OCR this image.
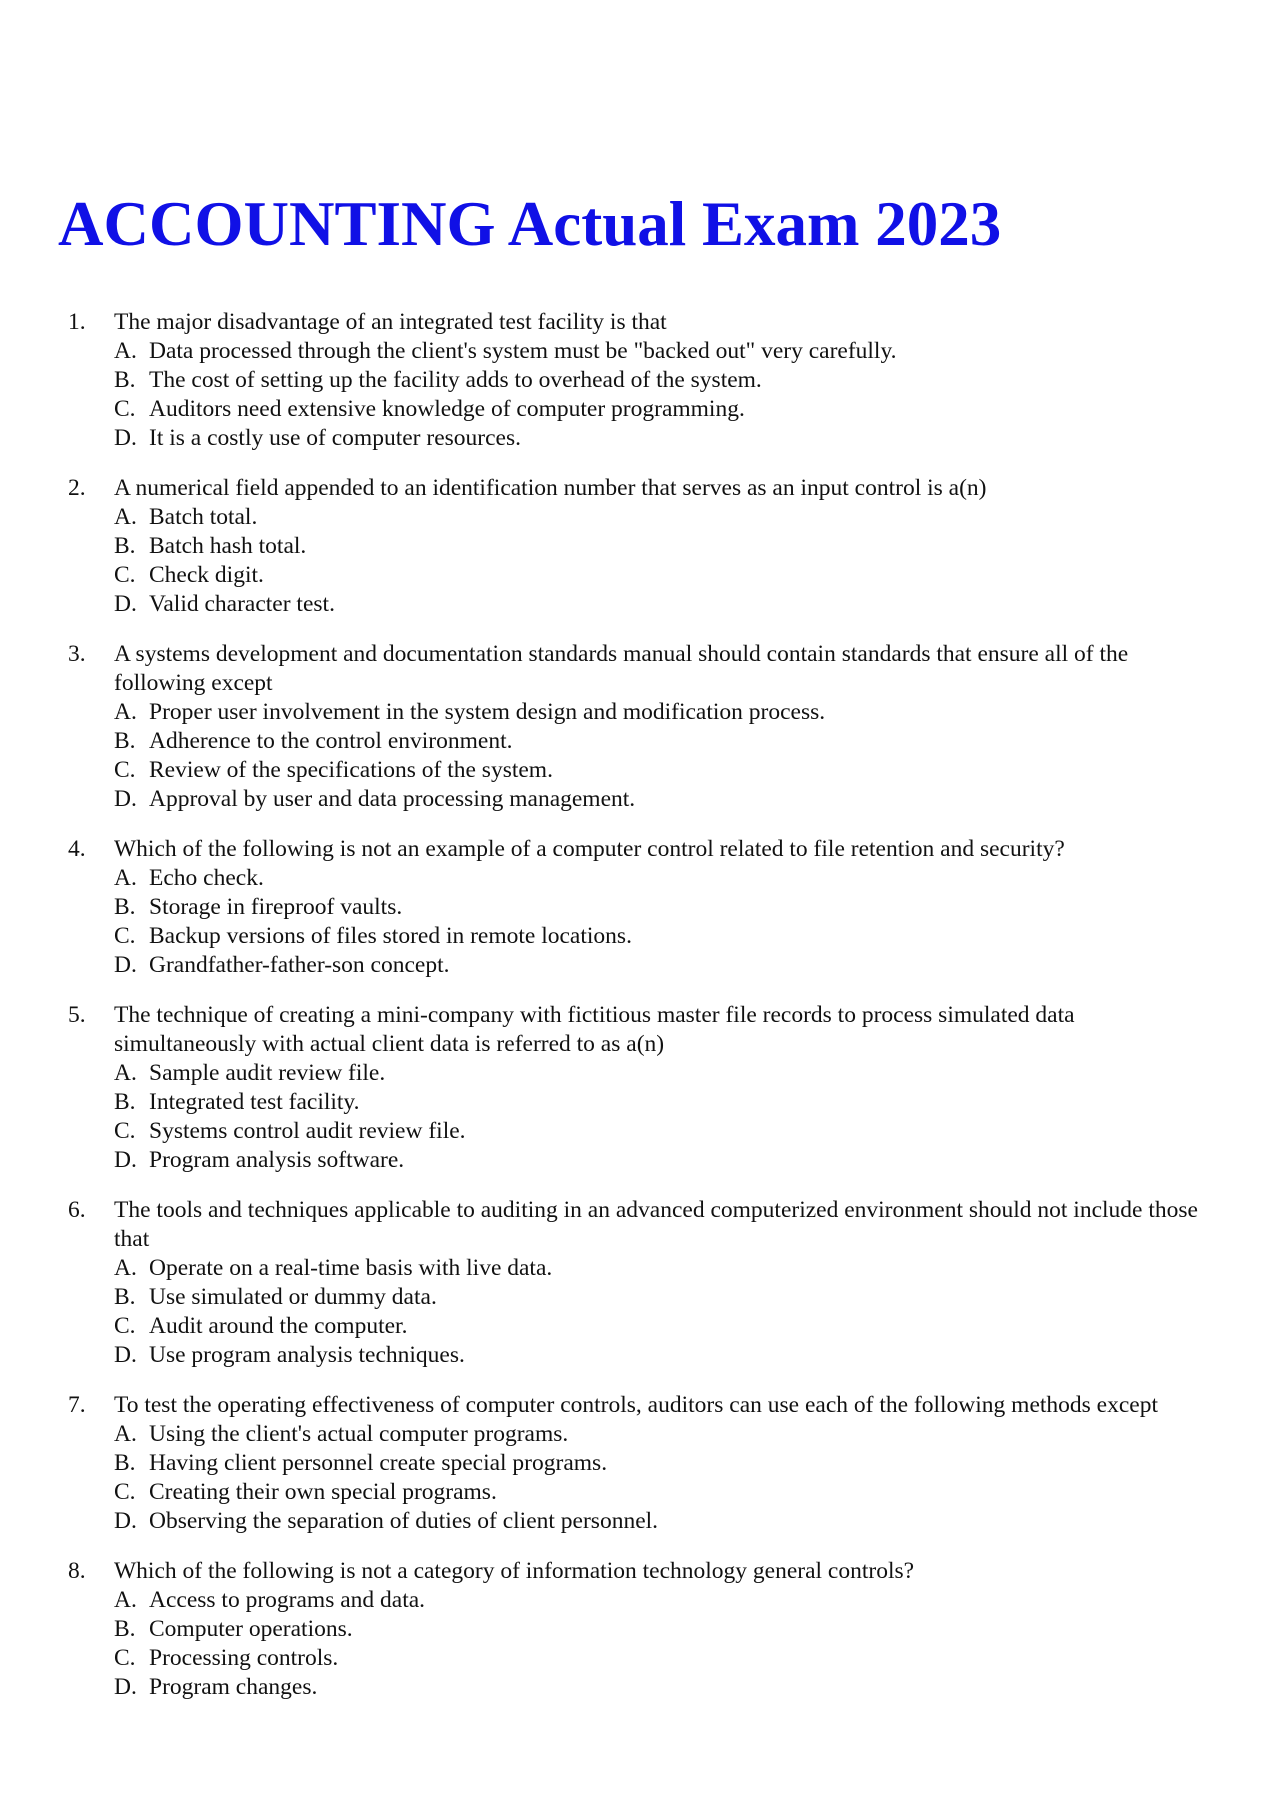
ACCOUNTING Actual Exam 2023
1. The major disadvantage of an integrated test facility is that
A. Data processed through the client's system must be "backed out" very carefully.
B. The cost of setting up the facility adds to overhead of the system.
C. Auditors need extensive knowledge of computer programming.
D. It is a costly use of computer resources.
2. A numerical field appended to an identification number that serves as an input control is a(n)
A. Batch total.
B. Batch hash total.
C. Check digit.
D. Valid character test.
3. A systems development and documentation standards manual should contain standards that ensure all of the following except
A. Proper user involvement in the system design and modification process.
B. Adherence to the control environment.
C. Review of the specifications of the system.
D. Approval by user and data processing management.
4. Which of the following is not an example of a computer control related to file retention and security?
A. Echo check.
B. Storage in fireproof vaults.
C. Backup versions of files stored in remote locations.
D. Grandfather-father-son concept.
5. The technique of creating a mini-company with fictitious master file records to process simulated data simultaneously with actual client data is referred to as a(n)
A. Sample audit review file.
B. Integrated test facility.
C. Systems control audit review file.
D. Program analysis software.
6. The tools and techniques applicable to auditing in an advanced computerized environment should not include those that
A. Operate on a real-time basis with live data.
B. Use simulated or dummy data.
C. Audit around the computer.
D. Use program analysis techniques.
7. To test the operating effectiveness of computer controls, auditors can use each of the following methods except
A. Using the client's actual computer programs.
B. Having client personnel create special programs.
C. Creating their own special programs.
D. Observing the separation of duties of client personnel.
8. Which of the following is not a category of information technology general controls?
A. Access to programs and data.
B. Computer operations.
C. Processing controls.
D. Program changes.
